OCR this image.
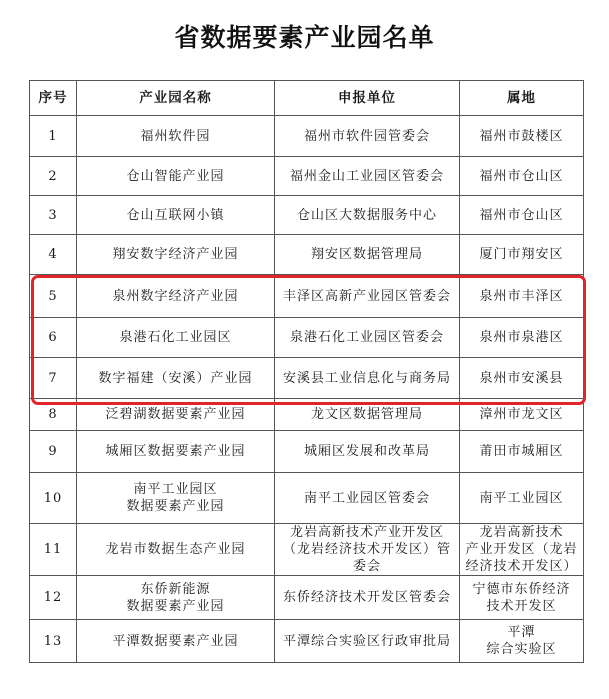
省数据要素产业园名单
序号	产业园名称	申报单位	属地

1	福州软件园	福州市软件园管委会	福州市鼓楼区

2	仓山智能产业园	福州金山工业园区管委会	福州市仓山区

3	仓山互联网小镇	仓山区大数据服务中心	福州市仓山区

4	翔安数字经济产业园	翔安区数据管理局	厦门市翔安区

5	泉州数字经济产业园	丰泽区高新产业园区管委会	泉州市丰泽区

6	泉港石化工业园区	泉港石化工业园区管委会	泉州市泉港区

7	数字福建（安溪）产业园	安溪县工业信息化与商务局	泉州市安溪县

8	泛碧湖数据要素产业园	龙文区数据管理局	漳州市龙文区

9	城厢区数据要素产业园	城厢区发展和改革局	莆田市城厢区

10	南平工业园区
数据要素产业园	南平工业园区管委会	南平工业园区

11	龙岩市数据生态产业园	龙岩高新技术产业开发区
（龙岩经济技术开发区）管委会	龙岩高新技术
产业开发区（龙岩
经济技术开发区）

12	东侨新能源
数据要素产业园	东侨经济技术开发区管委会	宁德市东侨经济
技术开发区

13	平潭数据要素产业园	平潭综合实验区行政审批局	平潭
综合实验区
